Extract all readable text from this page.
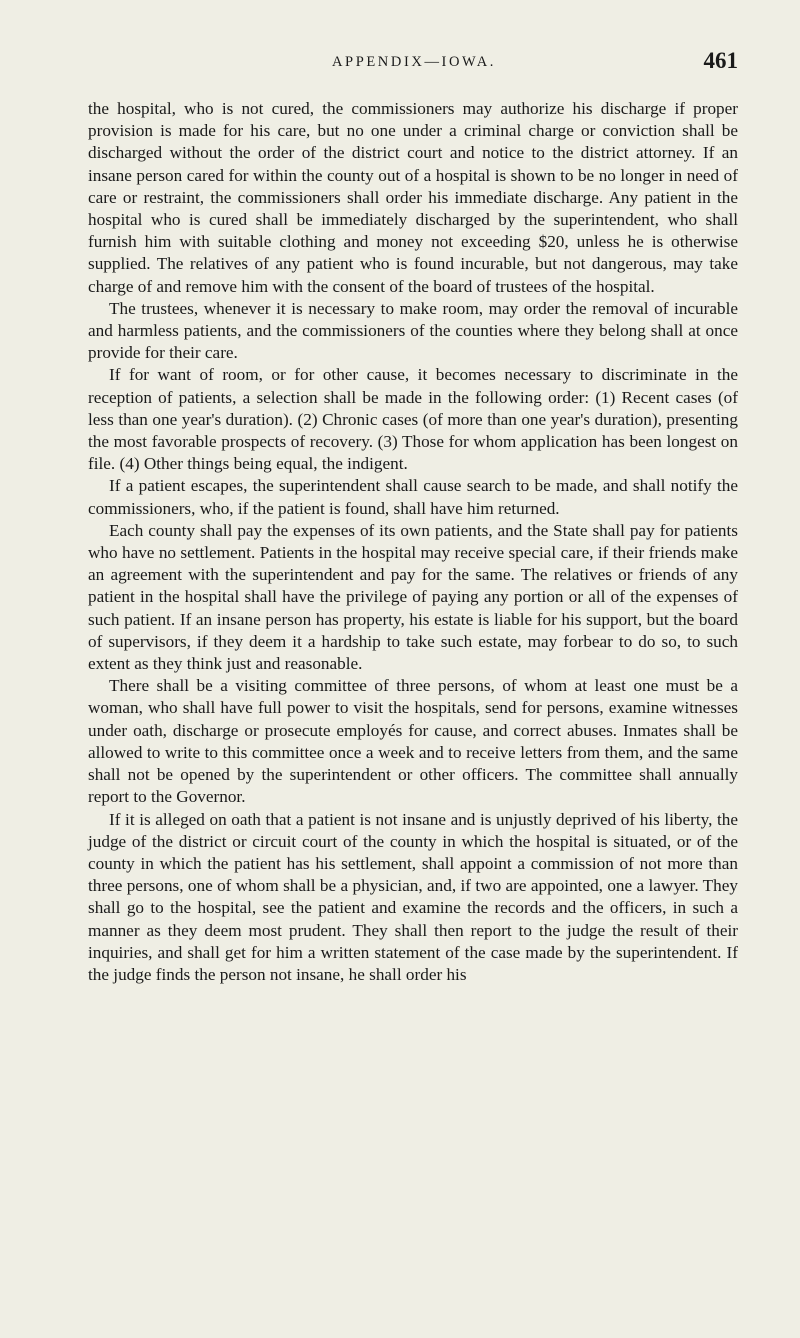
APPENDIX—IOWA.	461

the hospital, who is not cured, the commissioners may authorize his discharge if proper provision is made for his care, but no one under a criminal charge or conviction shall be discharged without the order of the district court and notice to the district attorney. If an insane person cared for within the county out of a hospital is shown to be no longer in need of care or restraint, the commissioners shall order his immediate discharge. Any patient in the hospital who is cured shall be immediately discharged by the superintendent, who shall furnish him with suitable clothing and money not exceeding $20, unless he is otherwise supplied. The relatives of any patient who is found incurable, but not dangerous, may take charge of and remove him with the consent of the board of trustees of the hospital.

The trustees, whenever it is necessary to make room, may order the removal of incurable and harmless patients, and the commissioners of the counties where they belong shall at once provide for their care.

If for want of room, or for other cause, it becomes necessary to discriminate in the reception of patients, a selection shall be made in the following order: (1) Recent cases (of less than one year's duration). (2) Chronic cases (of more than one year's duration), presenting the most favorable prospects of recovery. (3) Those for whom application has been longest on file. (4) Other things being equal, the indigent.

If a patient escapes, the superintendent shall cause search to be made, and shall notify the commissioners, who, if the patient is found, shall have him returned.

Each county shall pay the expenses of its own patients, and the State shall pay for patients who have no settlement. Patients in the hospital may receive special care, if their friends make an agreement with the superintendent and pay for the same. The relatives or friends of any patient in the hospital shall have the privilege of paying any portion or all of the expenses of such patient. If an insane person has property, his estate is liable for his support, but the board of supervisors, if they deem it a hardship to take such estate, may forbear to do so, to such extent as they think just and reasonable.

There shall be a visiting committee of three persons, of whom at least one must be a woman, who shall have full power to visit the hospitals, send for persons, examine witnesses under oath, discharge or prosecute employés for cause, and correct abuses. Inmates shall be allowed to write to this committee once a week and to receive letters from them, and the same shall not be opened by the superintendent or other officers. The committee shall annually report to the Governor.

If it is alleged on oath that a patient is not insane and is unjustly deprived of his liberty, the judge of the district or circuit court of the county in which the hospital is situated, or of the county in which the patient has his settlement, shall appoint a commission of not more than three persons, one of whom shall be a physician, and, if two are appointed, one a lawyer. They shall go to the hospital, see the patient and examine the records and the officers, in such a manner as they deem most prudent. They shall then report to the judge the result of their inquiries, and shall get for him a written statement of the case made by the superintendent. If the judge finds the person not insane, he shall order his
